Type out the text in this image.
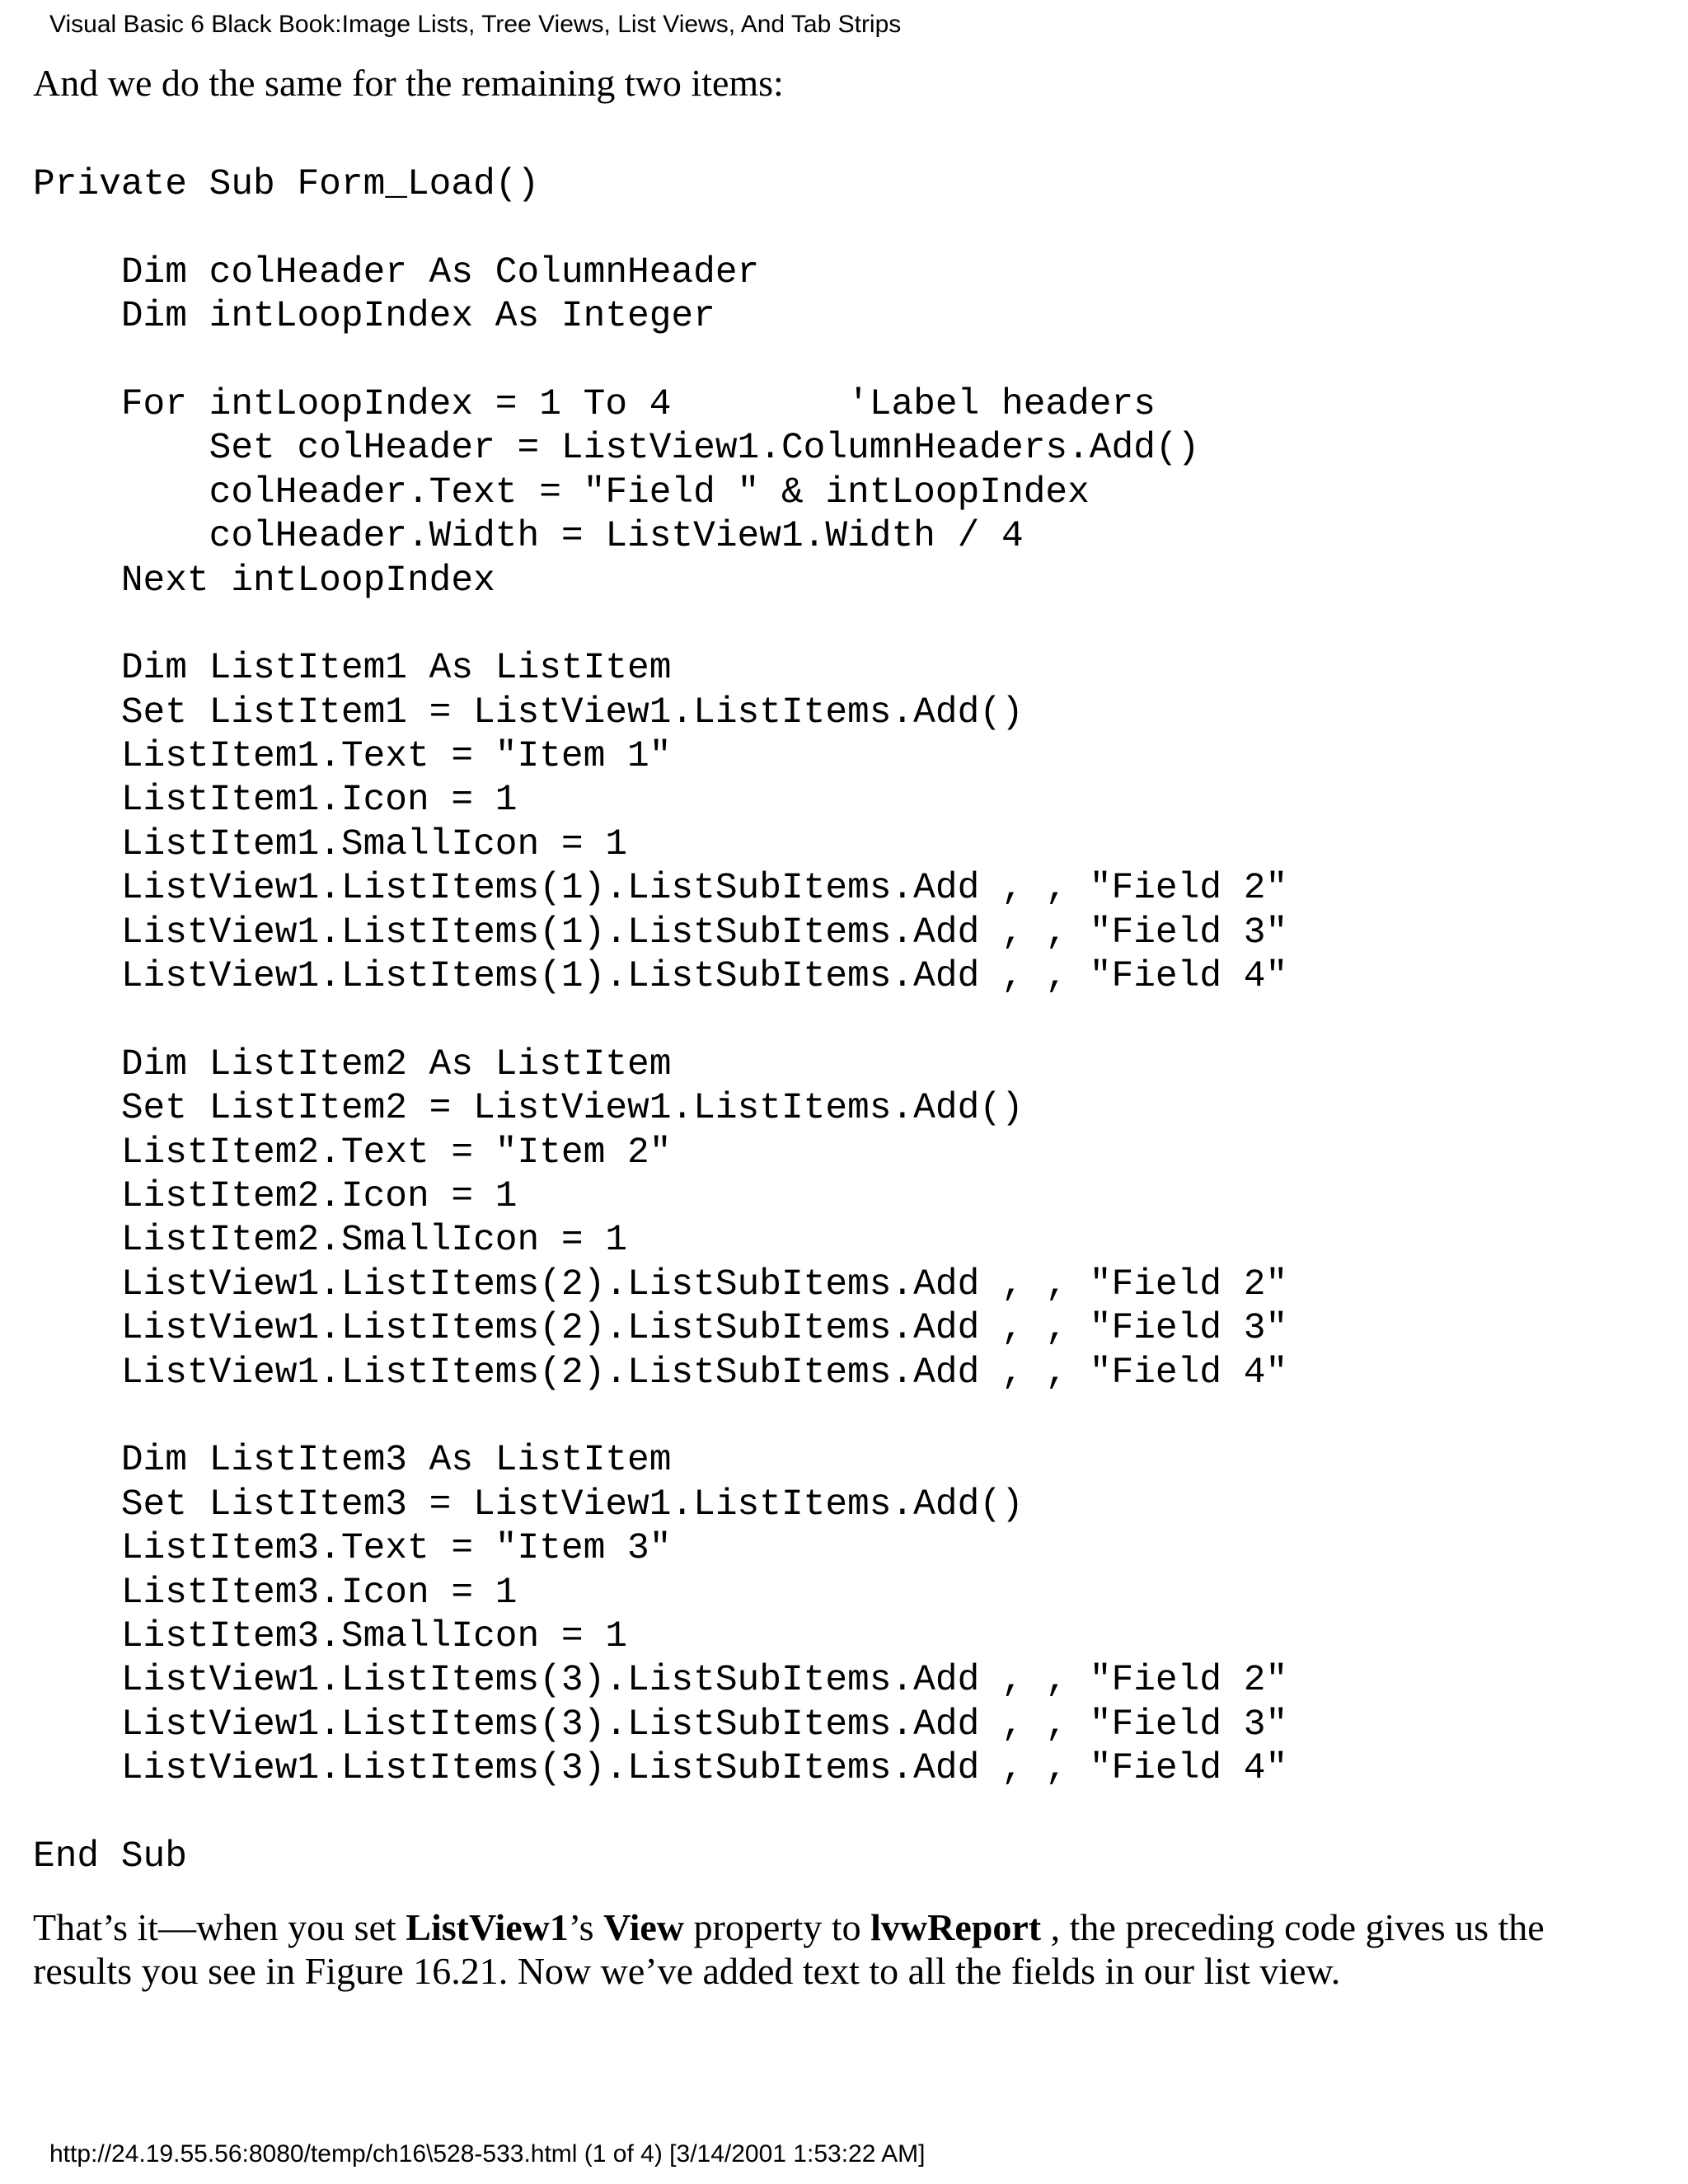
Visual Basic 6 Black Book:Image Lists, Tree Views, List Views, And Tab Strips

And we do the same for the remaining two items:

Private Sub Form_Load()
Dim colHeader As ColumnHeader
Dim intLoopIndex As Integer
For intLoopIndex = 1 To 4        'Label headers
Set colHeader = ListView1.ColumnHeaders.Add()
colHeader.Text = "Field " & intLoopIndex
colHeader.Width = ListView1.Width / 4
Next intLoopIndex
Dim ListItem1 As ListItem
Set ListItem1 = ListView1.ListItems.Add()
ListItem1.Text = "Item 1"
ListItem1.Icon = 1
ListItem1.SmallIcon = 1
ListView1.ListItems(1).ListSubItems.Add , , "Field 2"
ListView1.ListItems(1).ListSubItems.Add , , "Field 3"
ListView1.ListItems(1).ListSubItems.Add , , "Field 4"
Dim ListItem2 As ListItem
Set ListItem2 = ListView1.ListItems.Add()
ListItem2.Text = "Item 2"
ListItem2.Icon = 1
ListItem2.SmallIcon = 1
ListView1.ListItems(2).ListSubItems.Add , , "Field 2"
ListView1.ListItems(2).ListSubItems.Add , , "Field 3"
ListView1.ListItems(2).ListSubItems.Add , , "Field 4"
Dim ListItem3 As ListItem
Set ListItem3 = ListView1.ListItems.Add()
ListItem3.Text = "Item 3"
ListItem3.Icon = 1
ListItem3.SmallIcon = 1
ListView1.ListItems(3).ListSubItems.Add , , "Field 2"
ListView1.ListItems(3).ListSubItems.Add , , "Field 3"
ListView1.ListItems(3).ListSubItems.Add , , "Field 4"
End Sub

That’s it—when you set ListView1’s View property to lvwReport , the preceding code gives us the results you see in Figure 16.21. Now we’ve added text to all the fields in our list view.

http://24.19.55.56:8080/temp/ch16\528-533.html (1 of 4) [3/14/2001 1:53:22 AM]
